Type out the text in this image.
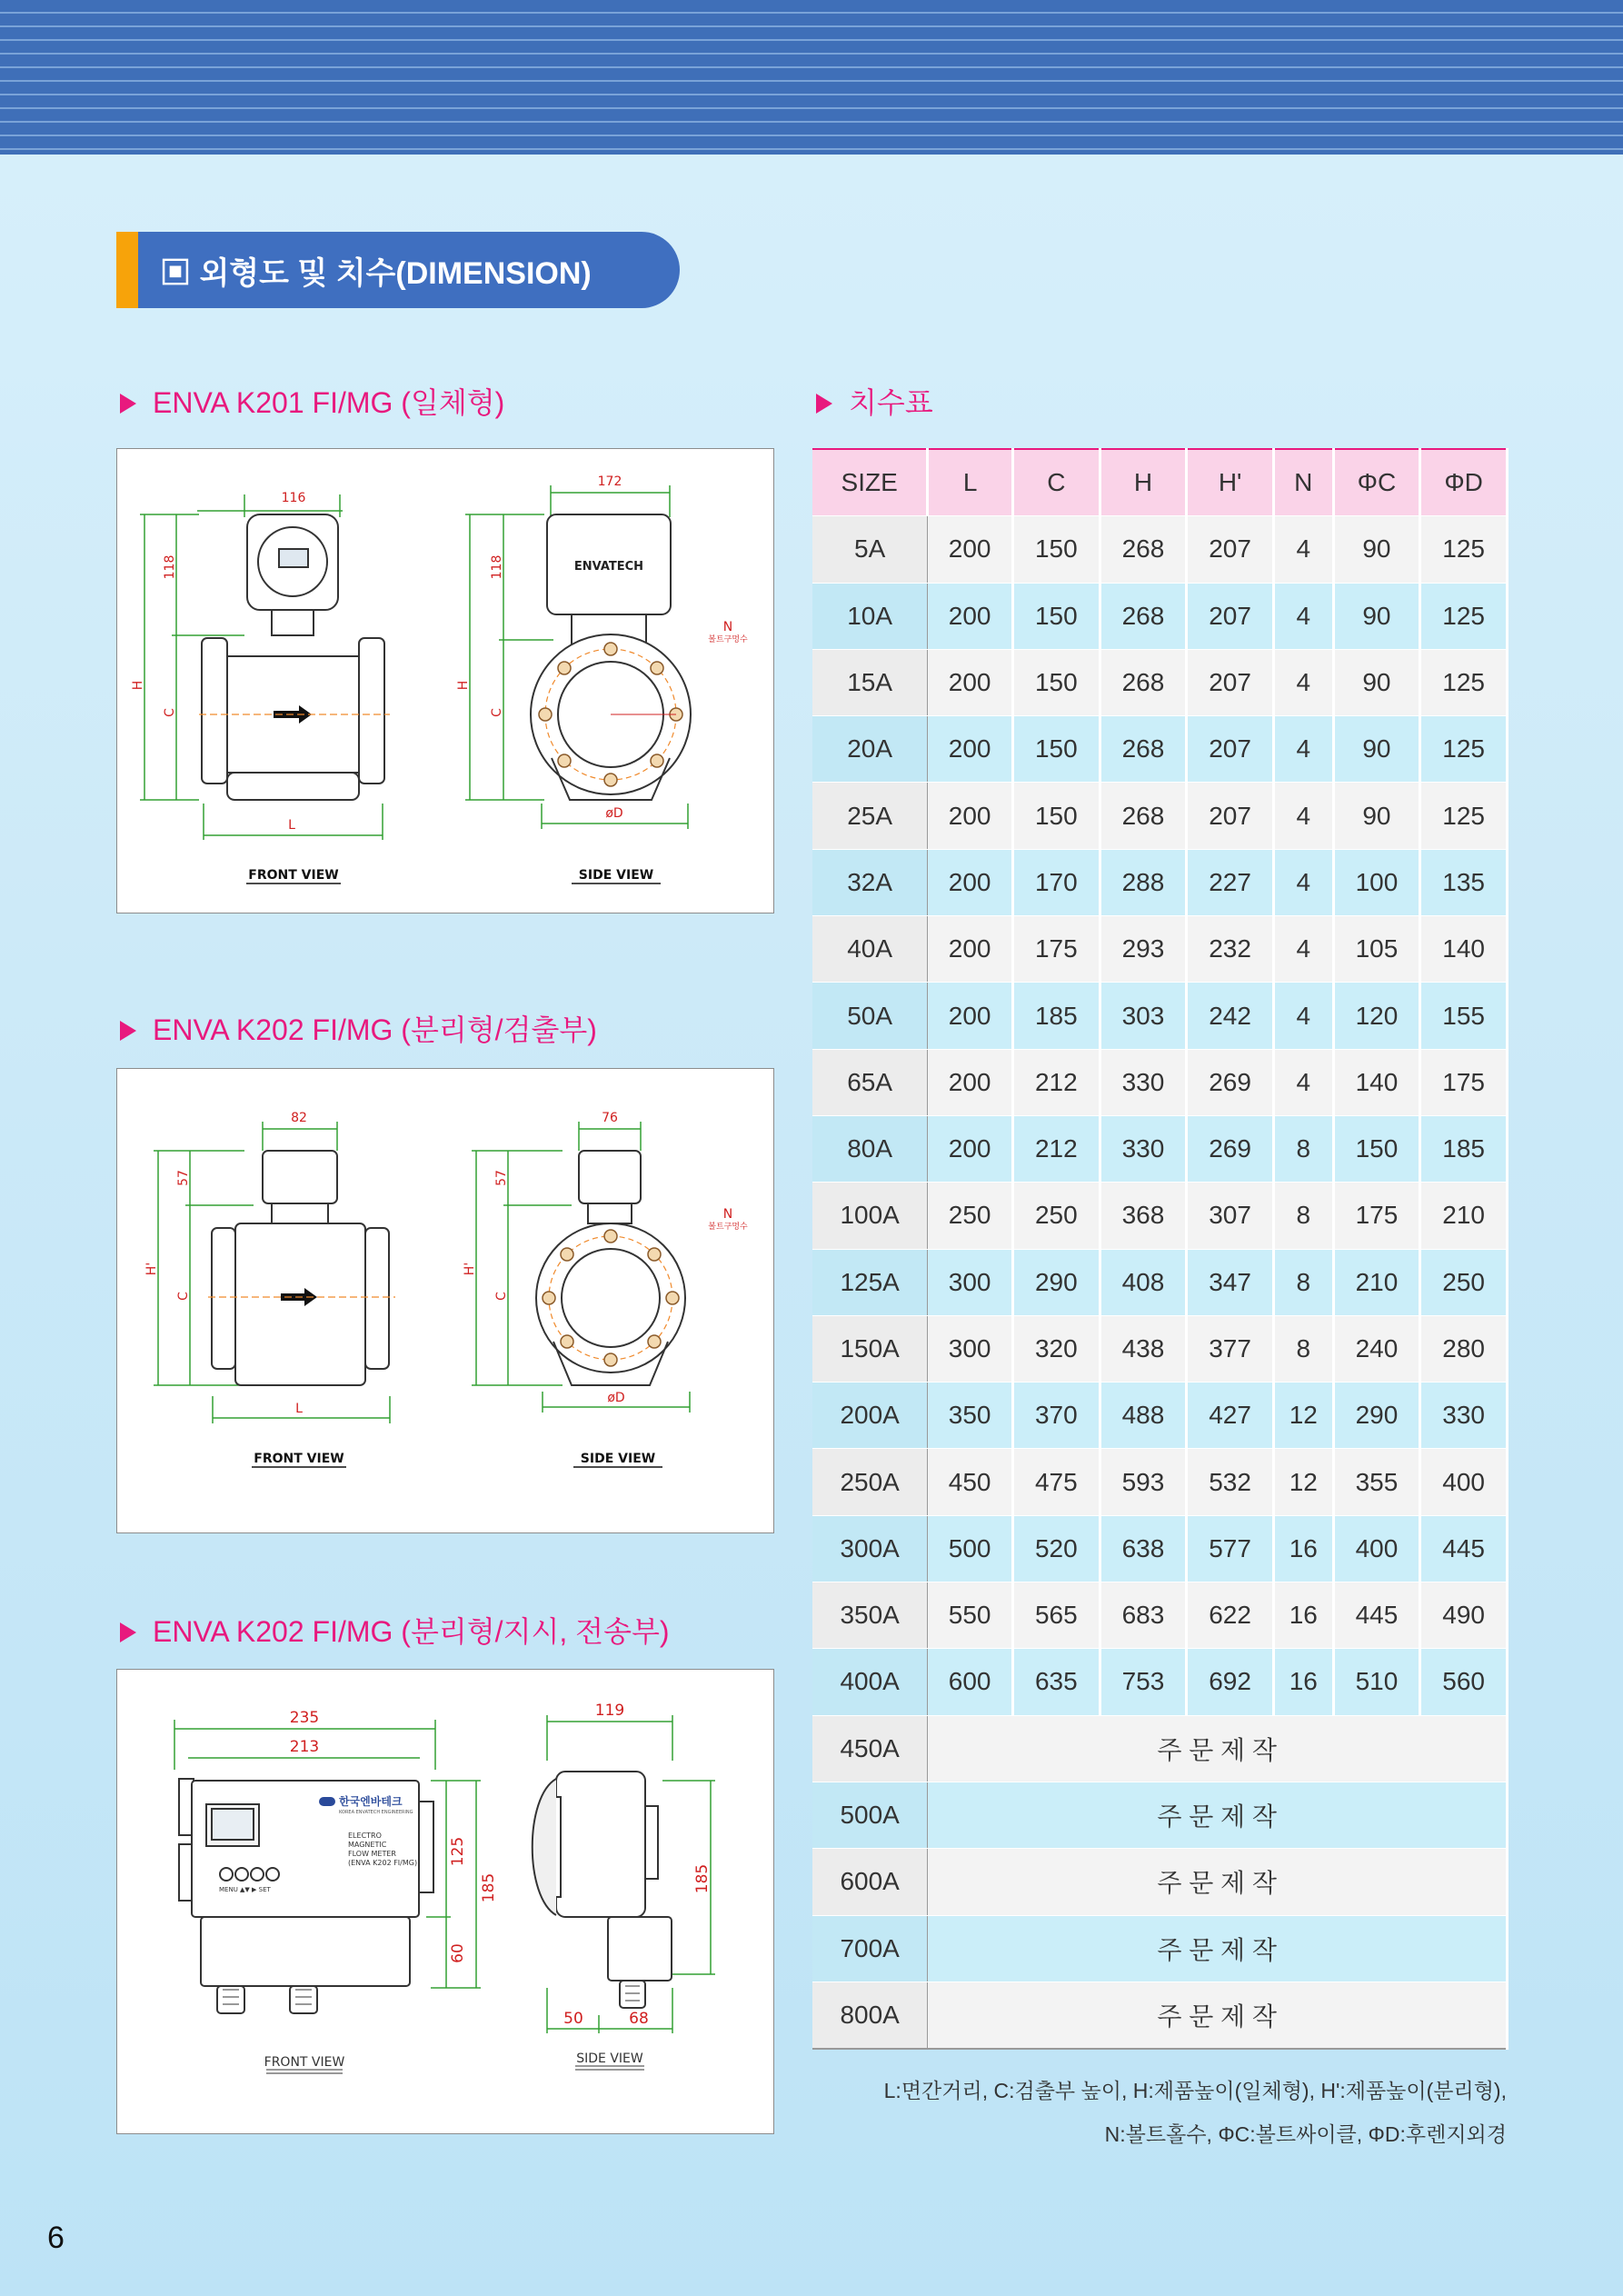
▣ 외형도 및 치수(DIMENSION)
ENVA K201 FI/MG (일체형)
116
172
118	118
H
C
H
C
L
øD
N
볼트구멍수
ENVATECH
FRONT VIEW	SIDE VIEW
ENVA K202 FI/MG (분리형/검출부)
82	76
57	57
H'
C
H'
C
L
øD
N
볼트구멍수
FRONT VIEW	SIDE VIEW
ENVA K202 FI/MG (분리형/지시, 전송부)
235
213
119
125
185
60
185
50	68
한국엔바테크
KOREA ENVATECH ENGINEERING
ELECTRO
MAGNETIC
FLOW METER
(ENVA K202 FI/MG)
MENU ▲▼ ▶ SET
FRONT VIEW	SIDE VIEW
치수표
SIZE	L	C	H	H'	N	ΦC	ΦD
5A	200	150	268	207	4	90	125
10A	200	150	268	207	4	90	125
15A	200	150	268	207	4	90	125
20A	200	150	268	207	4	90	125
25A	200	150	268	207	4	90	125
32A	200	170	288	227	4	100	135
40A	200	175	293	232	4	105	140
50A	200	185	303	242	4	120	155
65A	200	212	330	269	4	140	175
80A	200	212	330	269	8	150	185
100A	250	250	368	307	8	175	210
125A	300	290	408	347	8	210	250
150A	300	320	438	377	8	240	280
200A	350	370	488	427	12	290	330
250A	450	475	593	532	12	355	400
300A	500	520	638	577	16	400	445
350A	550	565	683	622	16	445	490
400A	600	635	753	692	16	510	560
450A	주 문 제 작						
500A	주 문 제 작						
600A	주 문 제 작						
700A	주 문 제 작						
800A	주 문 제 작						
L:면간거리, C:검출부 높이, H:제품높이(일체형), H':제품높이(분리형),
N:볼트홀수, ΦC:볼트싸이클, ΦD:후렌지외경
6
